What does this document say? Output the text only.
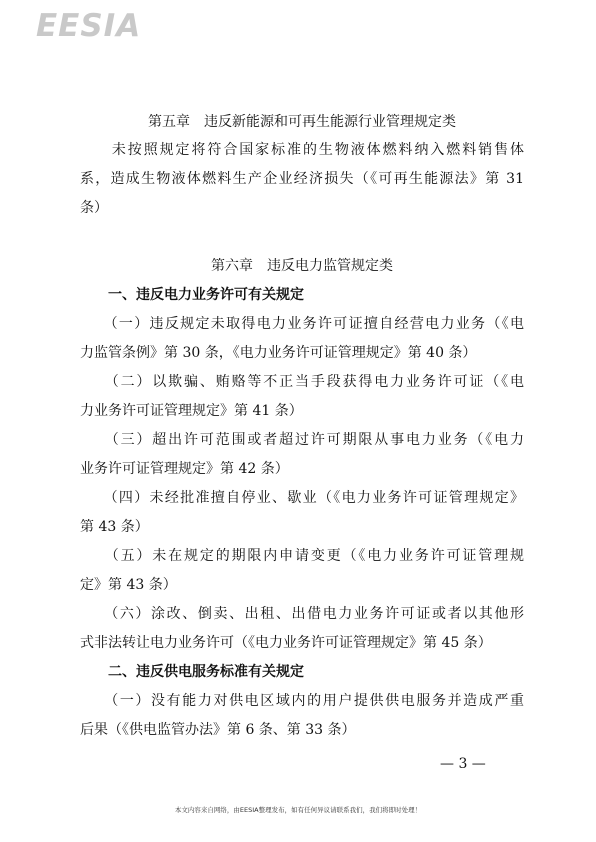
EESIA
第五章　违反新能源和可再生能源行业管理规定类
　　未按照规定将符合国家标准的生物液体燃料纳入燃料销售体
系，造成生物液体燃料生产企业经济损失（《可再生能源法》第 31
条）
第六章　违反电力监管规定类
　　一、违反电力业务许可有关规定
　　（一）违反规定未取得电力业务许可证擅自经营电力业务（《电
力监管条例》第 30 条，《电力业务许可证管理规定》第 40 条）
　　（二）以欺骗、贿赂等不正当手段获得电力业务许可证（《电
力业务许可证管理规定》第 41 条）
　　（三）超出许可范围或者超过许可期限从事电力业务（《电力
业务许可证管理规定》第 42 条）
　　（四）未经批准擅自停业、歇业（《电力业务许可证管理规定》
第 43 条）
　　（五）未在规定的期限内申请变更（《电力业务许可证管理规
定》第 43 条）
　　（六）涂改、倒卖、出租、出借电力业务许可证或者以其他形
式非法转让电力业务许可（《电力业务许可证管理规定》第 45 条）
　　二、违反供电服务标准有关规定
　　（一）没有能力对供电区域内的用户提供供电服务并造成严重
后果（《供电监管办法》第 6 条、第 33 条）
— 3 —
本文内容来自网络，由EESIA整理发布，如有任何异议请联系我们，我们将即时处理！
